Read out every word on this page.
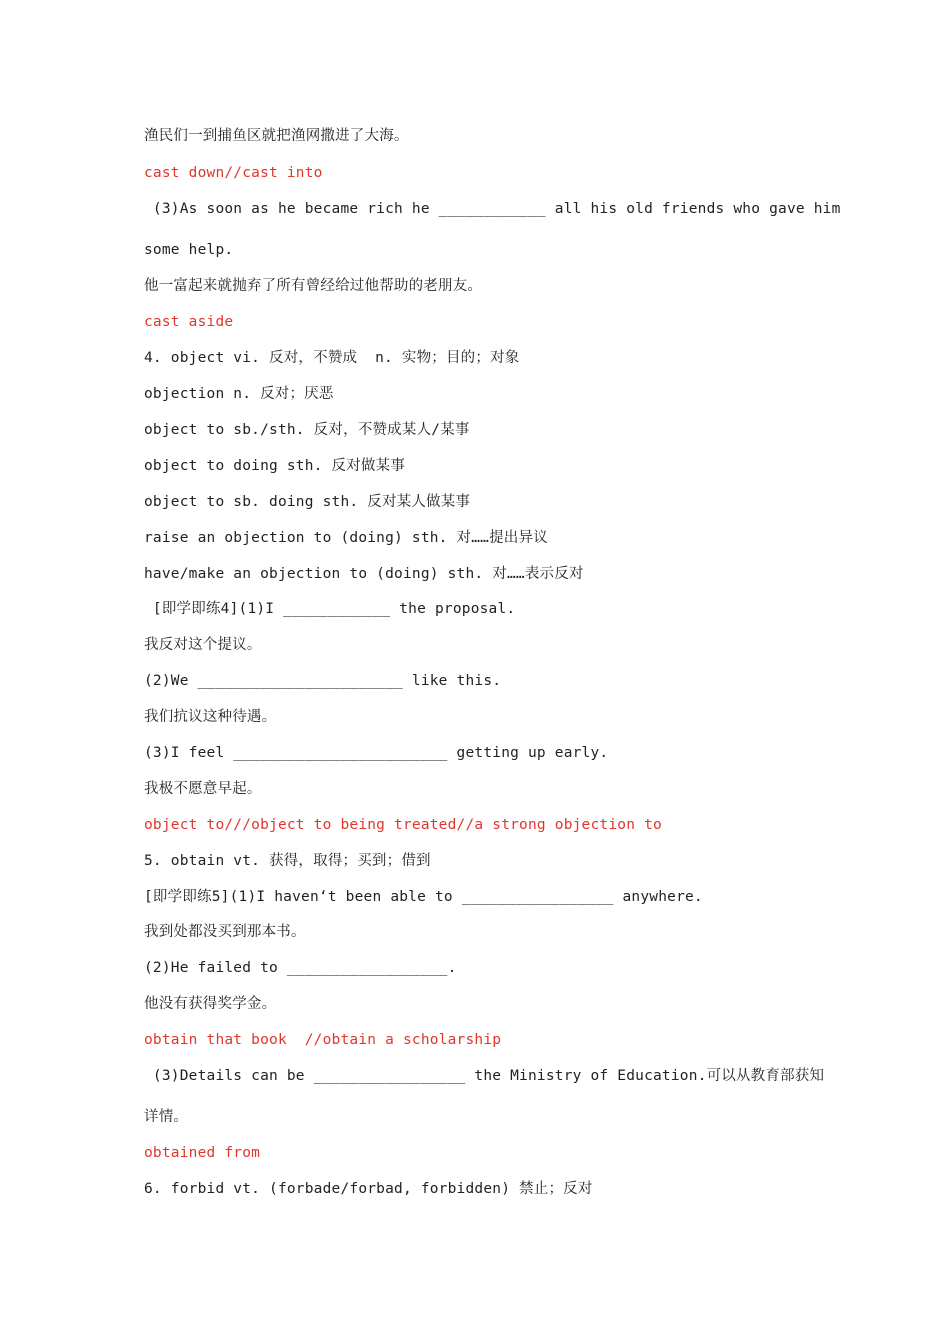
渔民们一到捕鱼区就把渔网撒进了大海。
cast down//cast into
(3)As soon as he became rich he ____________ all his old friends who gave him
some help.
他一富起来就抛弃了所有曾经给过他帮助的老朋友。
cast aside
4. object vi. 反对，不赞成  n. 实物；目的；对象
objection n. 反对；厌恶
object to sb./sth. 反对，不赞成某人/某事
object to doing sth. 反对做某事
object to sb. doing sth. 反对某人做某事
raise an objection to (doing) sth. 对……提出异议
have/make an objection to (doing) sth. 对……表示反对
[即学即练4](1)I ____________ the proposal.
我反对这个提议。
(2)We _______________________ like this.
我们抗议这种待遇。
(3)I feel ________________________ getting up early.
我极不愿意早起。
object to///object to being treated//a strong objection to
5. obtain vt. 获得，取得；买到；借到
[即学即练5](1)I haven‘t been able to _________________ anywhere.
我到处都没买到那本书。
(2)He failed to __________________.
他没有获得奖学金。
obtain that book  //obtain a scholarship
(3)Details can be _________________ the Ministry of Education.可以从教育部获知
详情。
obtained from
6. forbid vt. (forbade/forbad, forbidden) 禁止；反对
